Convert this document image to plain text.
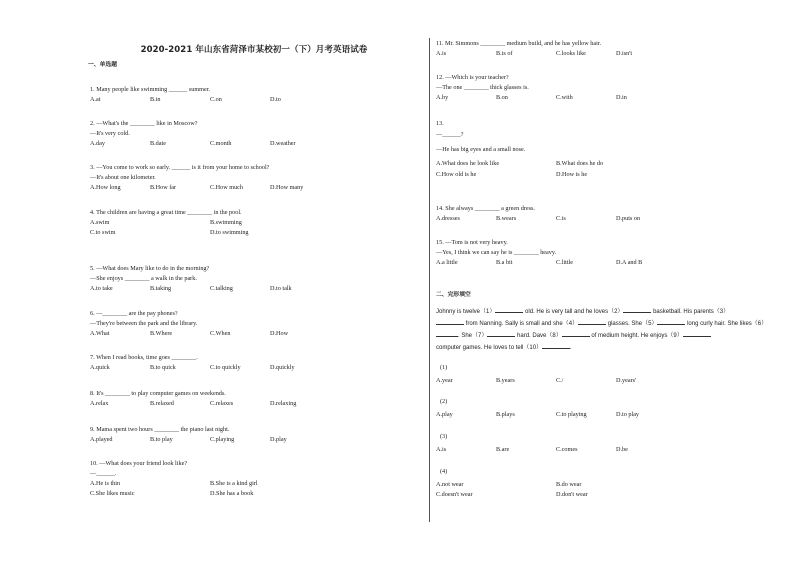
2020-2021 年山东省菏泽市某校初一（下）月考英语试卷
一、单选题
二、完形填空
Johnny is twelve（1）	old. He is very tall and he loves（2）	basketball. His parents（3）
from Nanning. Sally is small and she（4）	glasses. She（5）	long curly hair. She likes（6）
. She（7）	hard. Dave（8）	of medium height. He enjoys（9）
computer games. He loves to tell（10）	.
1. Many people like swimming ______ summer.
A.at	B.in	C.on	D.to
2. —What's the ________ like in Moscow?
—It's very cold.
A.day	B.date	C.month	D.weather
3. —You come to work so early. ______ is it from your home to school?
—It's about one kilometer.
A.How long	B.How far	C.How much	D.How many
4. The children are having a great time ________ in the pool.
A.swim	B.swimming
C.to swim	D.to swimming
5. —What does Mary like to do in the morning?
—She enjoys ________ a walk in the park.
A.to take	B.taking	C.talking	D.to talk
6. —________ are the pay phones?
—They're between the park and the library.
A.What	B.Where	C.When	D.How
7. When I read books, time goes ________.
A.quick	B.to quick	C.to quickly	D.quickly
8. It's ________ to play computer games on weekends.
A.relax	B.relaxed	C.relaxes	D.relaxing
9. Mama spent two hours ________ the piano last night.
A.played	B.to play	C.playing	D.play
10. —What does your friend look like?
—______.
A.He is thin	B.She is a kind girl
C.She likes music	D.She has a book
11. Mr. Simmons ________ medium build, and he has yellow hair.
A.is	B.is of	C.looks like	D.isn't
12. —Which is your teacher?
—The one ________ thick glasses is.
A.by	B.on	C.with	D.in
13.
—______?
—He has big eyes and a small nose.
A.What does he look like	B.What does he do
C.How old is he	D.How is he
14. She always ________ a green dress.
A.dresses	B.wears	C.is	D.puts on
15. —Tom is not very heavy.
—Yes, I think we can say he is ________ heavy.
A.a little	B.a bit	C.little	D.A and B
(1)
A.year	B.years	C./	D.years'
(2)
A.play	B.plays	C.to playing	D.to play
(3)
A.is	B.are	C.comes	D.be
(4)
A.not wear	B.do wear
C.doesn't wear	D.don't wear
